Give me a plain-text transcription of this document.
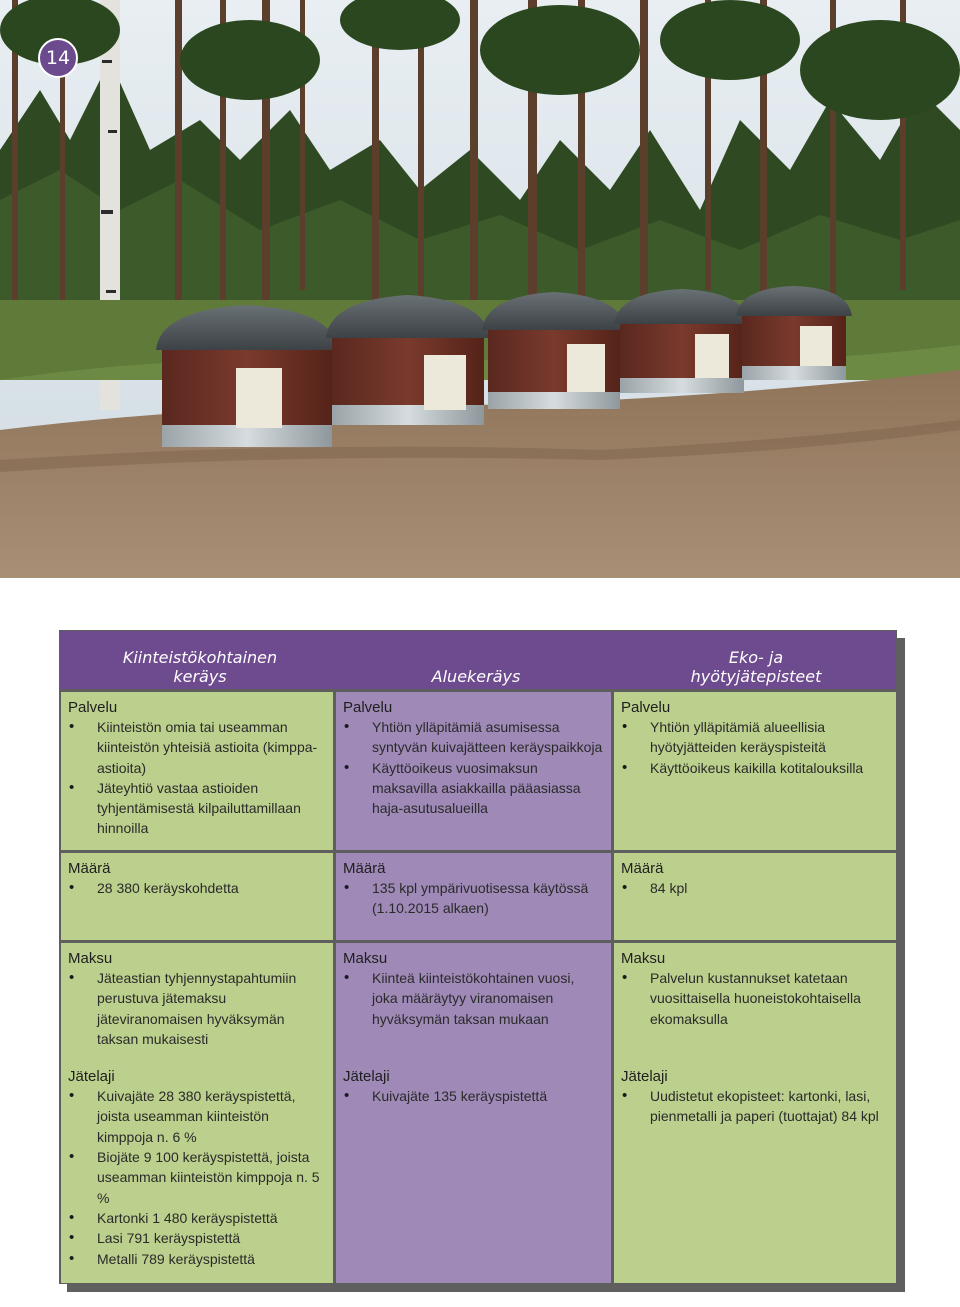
14
Kiinteistökohtainen
keräys	Aluekeräys
Eko- ja
hyötyjätepisteet

Palvelu

• Kiinteistön omia tai useamman kiinteistön yhteisiä astioita (kimppa-astioita)
• Jäteyhtiö vastaa astioiden tyhjentämisestä kilpailuttamillaan hinnoilla

Palvelu

• Yhtiön ylläpitämiä asumisessa syntyvän kuivajätteen keräyspaikkoja
• Käyttöoikeus vuosimaksun maksavilla asiakkailla pääasiassa haja-asutusalueilla

Palvelu

• Yhtiön ylläpitämiä alueellisia hyötyjätteiden keräyspisteitä
• Käyttöoikeus kaikilla kotitalouksilla

Määrä

• 28 380 keräyskohdetta

Määrä

• 135 kpl ympärivuotisessa käytössä (1.10.2015 alkaen)

Määrä

• 84 kpl

Maksu

• Jäteastian tyhjennystapahtumiin perustuva jätemaksu jäteviranomaisen hyväksymän taksan mukaisesti

Jätelaji

• Kuivajäte 28 380 keräyspistettä, joista useamman kiinteistön kimppoja n. 6 %
• Biojäte 9 100 keräyspistettä, joista useamman kiinteistön kimppoja n. 5 %
• Kartonki 1 480 keräyspistettä
• Lasi 791 keräyspistettä
• Metalli 789 keräyspistettä

Maksu

• Kiinteä kiinteistökohtainen vuosi, joka määräytyy viranomaisen hyväksymän taksan mukaan

Jätelaji

• Kuivajäte 135 keräyspistettä

Maksu

• Palvelun kustannukset katetaan vuosittaisella huoneistokohtaisella ekomaksulla

Jätelaji

• Uudistetut ekopisteet: kartonki, lasi, pienmetalli ja paperi (tuottajat) 84 kpl
